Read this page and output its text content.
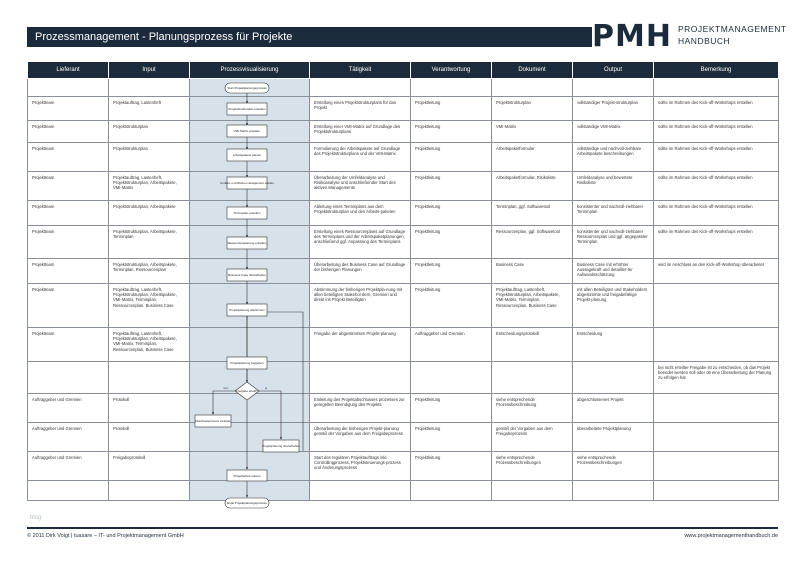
Prozessmanagement - Planungsprozess für Projekte	PMH PROJEKTMANAGEMENT
HANDBUCH
Lieferant	Input	Prozessvisualisierung	Tätigkeit	Verantwortung	Dokument	Output	Bemerkung

Projektteam	Projektauftrag, Lastenheft		Erstellung eines Projektstrukturplans für das Projekt	Projektleitung	Projektstrukturplan	vollständiger Projekt-strukturplan	sollte im Rahmen des Kick-off-Workshops erstellen
Projektteam	Projektstrukturplan		Erstellung einer VMI-Matrix auf Grundlage des Projektstrukturplans	Projektleitung	VMI-Matrix	vollständige VMI-Matrix	sollte im Rahmen des Kick-off-Workshops erstellen
Projektteam	Projektstrukturplan		Formulierung der Arbeitspakete auf Grundlage des Projektstrukturplans und der VMI-Matrix	Projektleitung	Arbeitspaketformular	vollständige und nachvoll-ziehbare Arbeitspakete beschreibungen	sollte im Rahmen des Kick-off-Workshops erstellen
Projektteam	Projektauftrag, Lastenheft, Projektstrukturplan, Arbeitspakete, VMI-Matrix		Überarbeitung der Umfeldanalyse und Risikoanalyse und anschließender Start des aktiven Managements	Projektleitung	Arbeitspaketformular, Risikoliste	Umfeldanalyse und bewertete Risikoliste	sollte im Rahmen des Kick-off-Workshops erstellen
Projektteam	Projektstrukturplan, Arbeitspakete		Ableitung eines Terminplans aus dem Projektstrukturplan und den Arbeits-paketen	Projektleitung	Terminplan, ggf. Softwaretool	konsistenter und nachvoll-ziehbarer Terminplan	sollte im Rahmen des Kick-off-Workshops erstellen
Projektteam	Projektstrukturplan, Arbeitspakete, Terminplan		Erstellung eines Ressourcenplans auf Grundlage des Terminplans und der Arbeitspaketplanungen, anschließend ggf. Anpassung des Terminplans	Projektleitung	Ressourcenplan, ggf. Softwaretool	konsistenter und nachvoll-ziehbarer Ressourcenplan und ggf. angepasster Terminplan	sollte im Rahmen des Kick-off-Workshops erstellen
Projektteam	Projektstrukturplan, Arbeitspakete, Terminplan, Ressourcenplan		Überarbeitung des Business Case auf Grundlage der bisherigen Planungen	Projektleitung	Business Case	Business Case mit erhöhter Aussagekraft und detaillier-ter Aufwandsschätzung	wird im Anschluss an den Kick-off-Workshop überarbeitet
Projektteam	Projektauftrag, Lastenheft, Projektstrukturplan, Arbeitspakete, VMI-Matrix, Terminplan, Ressourcenplan, Business Case		Abstimmung der bisherigen Projektpla-nung mit allen beteiligten Stakehol-dern, Gremien und direkt ins Projekt Beteiligten	Projektleitung	Projektauftrag, Lastenheft, Projektstrukturplan, Arbeitspakete, VMI-Matrix, Terminplan, Ressourcenplan, Business Case	mit allen Beteiligten und Stakeholdern abgestimmte und freigabefähige Projekt-planung	
Projektteam	Projektauftrag, Lastenheft, Projektstrukturplan, Arbeitspakete, VMI-Matrix, Terminplan, Ressourcenplan, Business Case		Freigabe der abgestimmten Projekt-planung	Auftraggeber und Gremien	Entscheidungsprotokoll	Entscheidung	
							bei nicht erteilter Freigabe ist zu entscheiden, ob das Projekt beendet werden soll oder ob eine Überarbeitung der Planung zu erfolgen hat
Auftraggeber und Gremien	Protokoll		Einleitung des Projektabschlusses prozesses zur geregelten Beendigung des Projekts	Projektleitung	siehe entsprechende Prozessbeschreibung	abgeschlossenes Projekt	
Auftraggeber und Gremien	Protokoll		Überarbeitung der bisherigen Projekt-planung gemäß der Vorgaben aus dem Freigabeprozess	Projektleitung	gemäß der Vorgaben aus dem Freigabeprozess	überarbeitete Projektplanung	
Auftraggeber und Gremien	Freigabeprotokoll		Start des regulären Projektauftrags inkl. Controllingprozess, Projektsteuerungs-prozess und Änderungsprozess	Projektleitung	siehe entsprechende Prozessbeschreibungen	siehe entsprechende Prozessbeschreibungen	

Start Projektplanungsprozess
Projektstrukturplan erstellen
VMI-Matrix erstellen
Arbeitspakete planen
Umfeld- und Risiko-management starten
Terminplan erstellen
Ressourcenplanung erstellen
Business Case überarbeiten
Projektplanung abstimmen
Projektplanung freigeben
Freigabe erteilt?
nein	ja
Abschlussprozess einleiten
Projektplanung überarbeiten
Projektarbeit starten
Ende Projektplanungsprozess
blog
© 2011 Dirk Voigt | tuasare – IT- und Projektmanagement GmbH	www.projektmanagementhandbuch.de
